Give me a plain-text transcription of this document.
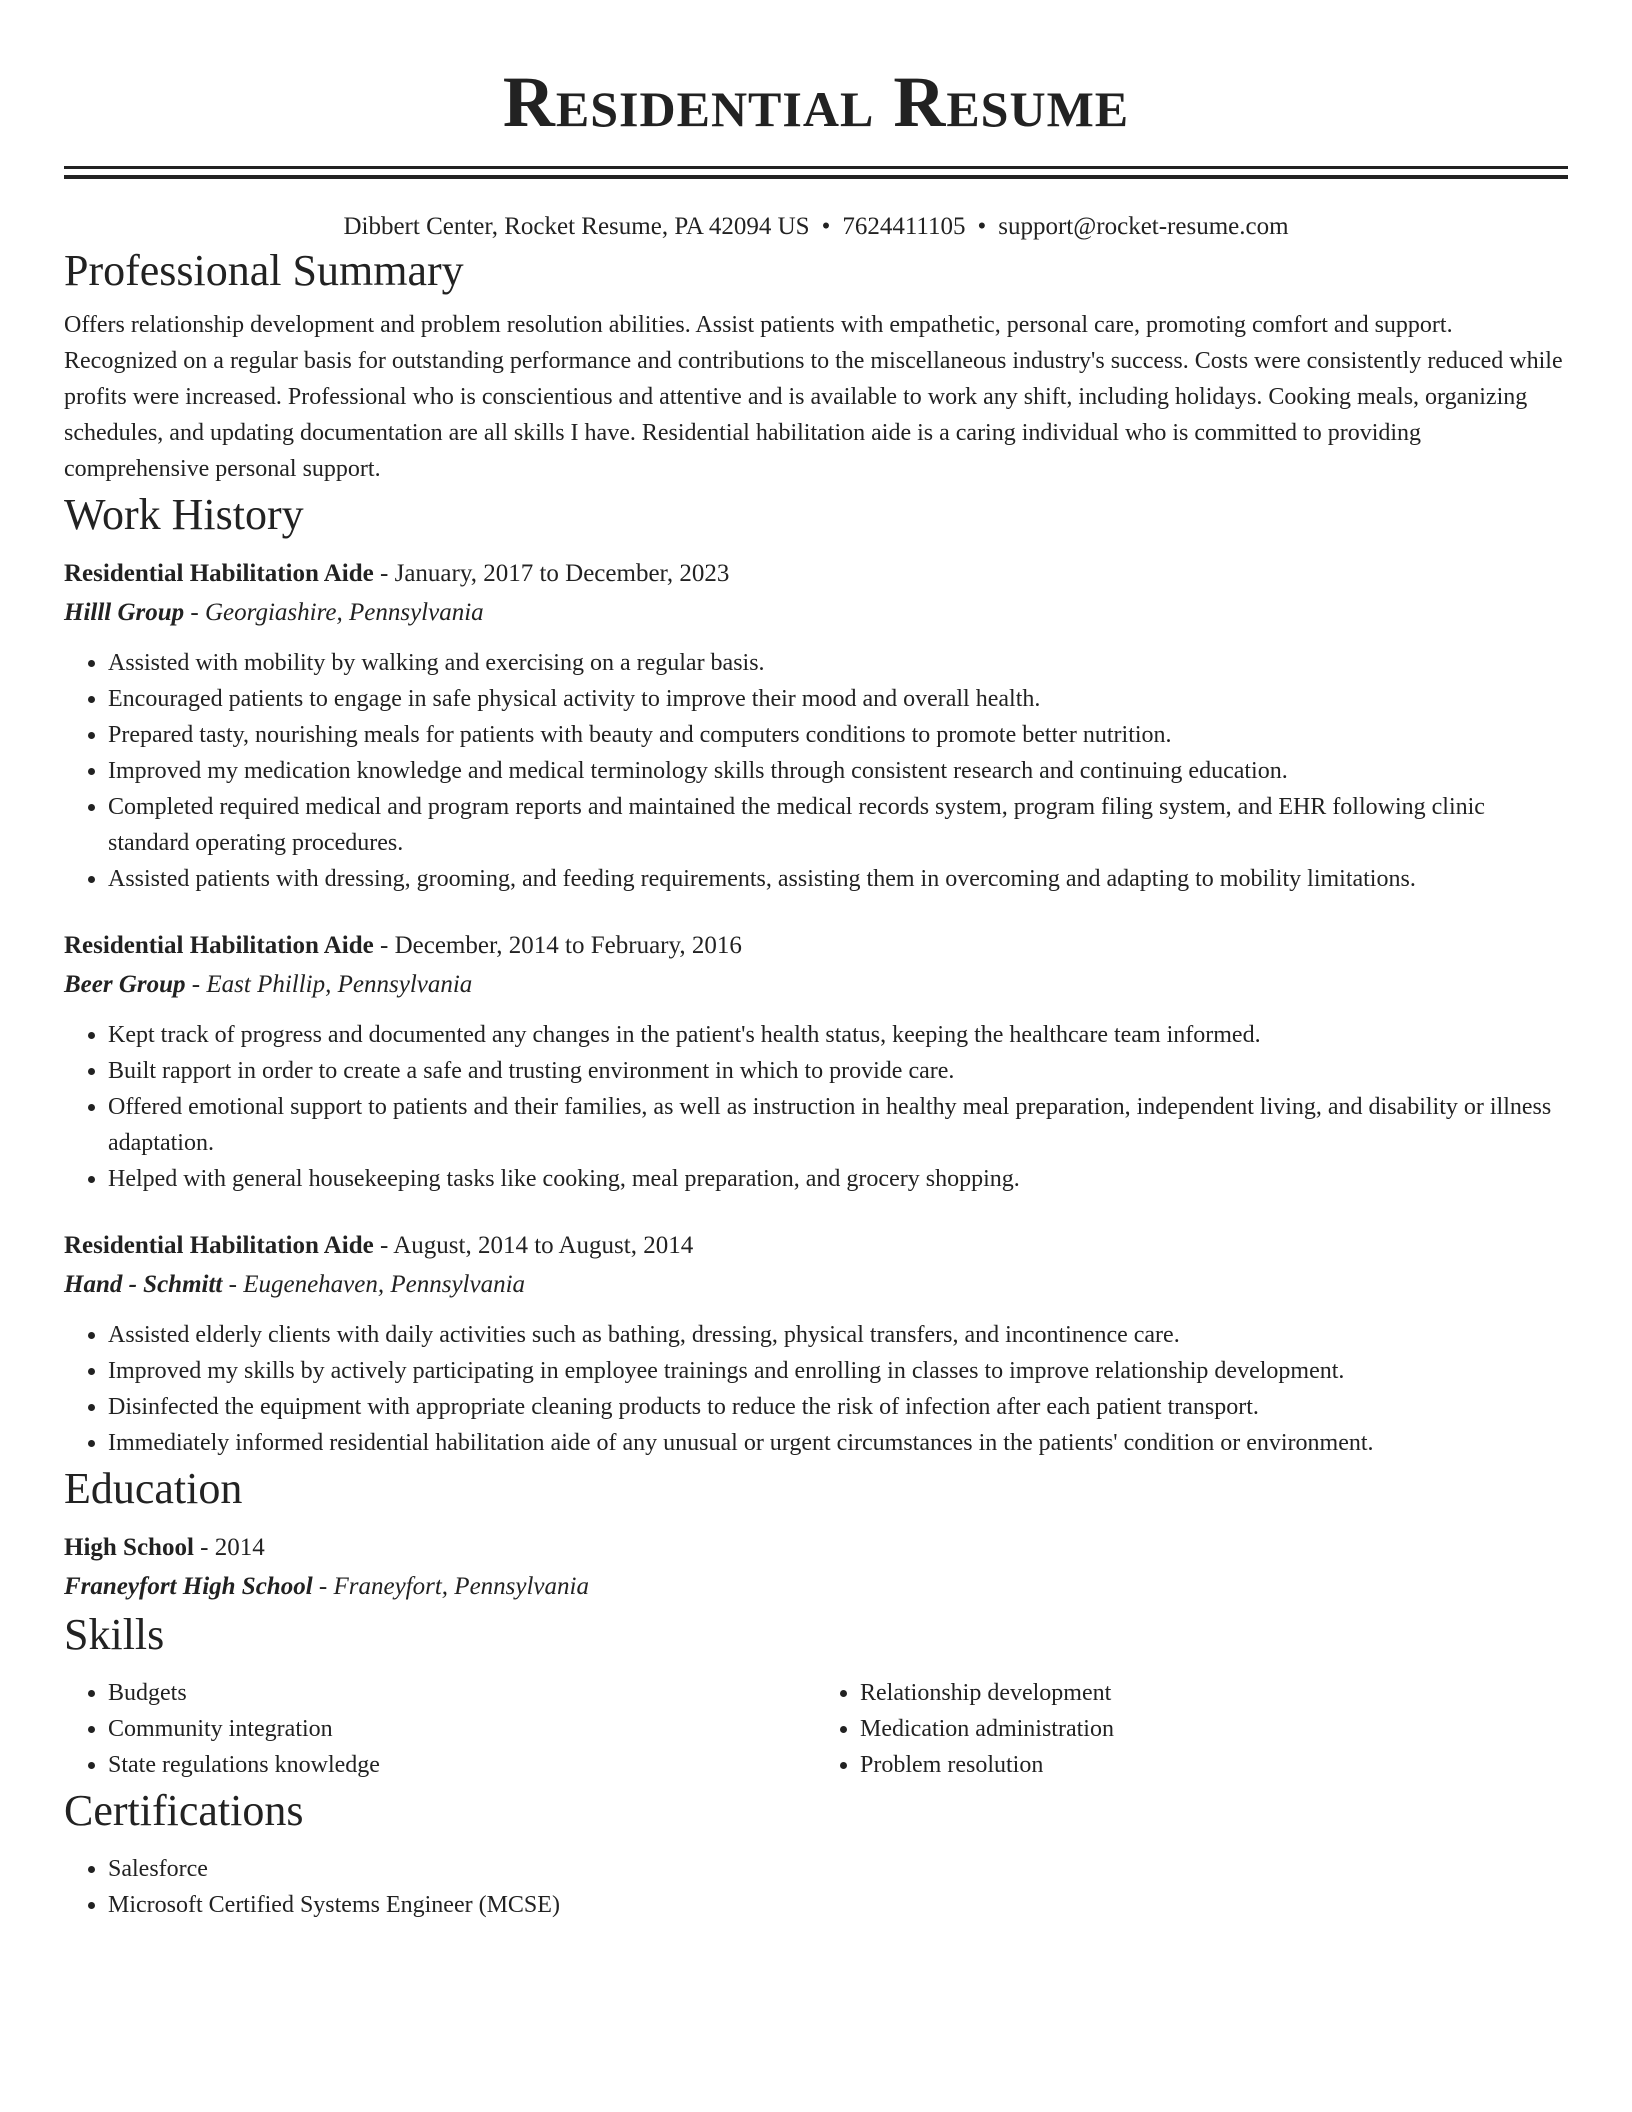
Residential Resume
Dibbert Center, Rocket Resume, PA 42094 US • 7624411105 • support@rocket-resume.com
Professional Summary
Offers relationship development and problem resolution abilities. Assist patients with empathetic, personal care, promoting comfort and support. Recognized on a regular basis for outstanding performance and contributions to the miscellaneous industry's success. Costs were consistently reduced while profits were increased. Professional who is conscientious and attentive and is available to work any shift, including holidays. Cooking meals, organizing schedules, and updating documentation are all skills I have. Residential habilitation aide is a caring individual who is committed to providing comprehensive personal support.
Work History
Residential Habilitation Aide - January, 2017 to December, 2023
Hilll Group - Georgiashire, Pennsylvania
• Assisted with mobility by walking and exercising on a regular basis.
• Encouraged patients to engage in safe physical activity to improve their mood and overall health.
• Prepared tasty, nourishing meals for patients with beauty and computers conditions to promote better nutrition.
• Improved my medication knowledge and medical terminology skills through consistent research and continuing education.
• Completed required medical and program reports and maintained the medical records system, program filing system, and EHR following clinic standard operating procedures.
• Assisted patients with dressing, grooming, and feeding requirements, assisting them in overcoming and adapting to mobility limitations.
Residential Habilitation Aide - December, 2014 to February, 2016
Beer Group - East Phillip, Pennsylvania
• Kept track of progress and documented any changes in the patient's health status, keeping the healthcare team informed.
• Built rapport in order to create a safe and trusting environment in which to provide care.
• Offered emotional support to patients and their families, as well as instruction in healthy meal preparation, independent living, and disability or illness adaptation.
• Helped with general housekeeping tasks like cooking, meal preparation, and grocery shopping.
Residential Habilitation Aide - August, 2014 to August, 2014
Hand - Schmitt - Eugenehaven, Pennsylvania
• Assisted elderly clients with daily activities such as bathing, dressing, physical transfers, and incontinence care.
• Improved my skills by actively participating in employee trainings and enrolling in classes to improve relationship development.
• Disinfected the equipment with appropriate cleaning products to reduce the risk of infection after each patient transport.
• Immediately informed residential habilitation aide of any unusual or urgent circumstances in the patients' condition or environment.
Education
High School - 2014
Franeyfort High School - Franeyfort, Pennsylvania
Skills
• Budgets
• Community integration
• State regulations knowledge
• Relationship development
• Medication administration
• Problem resolution
Certifications
• Salesforce
• Microsoft Certified Systems Engineer (MCSE)
